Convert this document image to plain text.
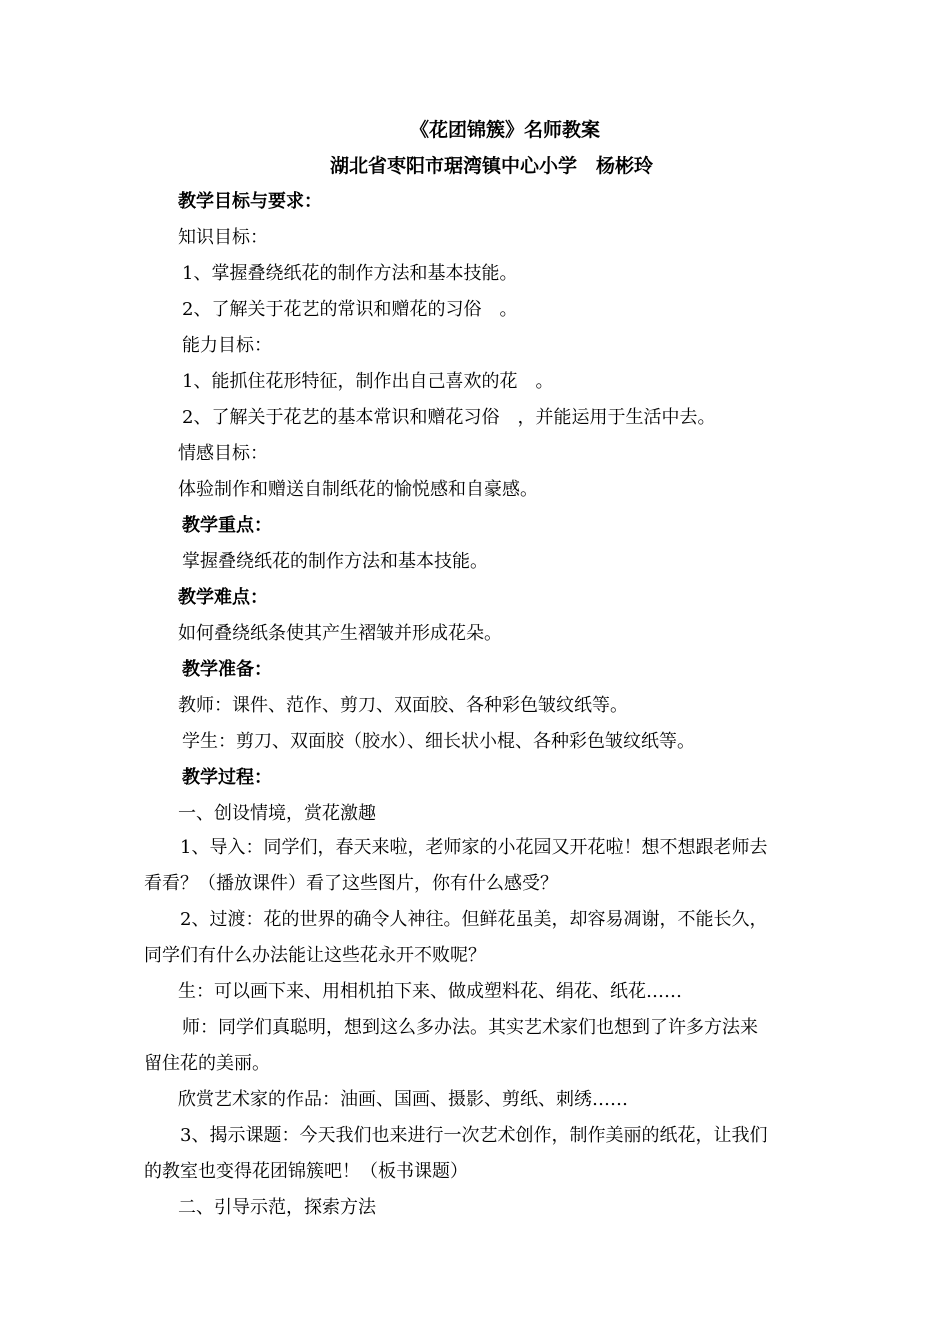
《花团锦簇》名师教案
湖北省枣阳市琚湾镇中心小学　杨彬玲
教学目标与要求：
知识目标：
1、掌握叠绕纸花的制作方法和基本技能。
2、了解关于花艺的常识和赠花的习俗　。
能力目标：
1、能抓住花形特征，制作出自己喜欢的花　。
2、了解关于花艺的基本常识和赠花习俗　，并能运用于生活中去。
情感目标：
体验制作和赠送自制纸花的愉悦感和自豪感。
教学重点：
掌握叠绕纸花的制作方法和基本技能。
教学难点：
如何叠绕纸条使其产生褶皱并形成花朵。
教学准备：
教师：课件、范作、剪刀、双面胶、各种彩色皱纹纸等。
学生：剪刀、双面胶（胶水）、细长状小棍、各种彩色皱纹纸等。
教学过程：
一、创设情境，赏花激趣
1、导入：同学们，春天来啦，老师家的小花园又开花啦！想不想跟老师去
看看？（播放课件）看了这些图片，你有什么感受？
2、过渡：花的世界的确令人神往。但鲜花虽美，却容易凋谢，不能长久，
同学们有什么办法能让这些花永开不败呢？
生：可以画下来、用相机拍下来、做成塑料花、绢花、纸花……
师：同学们真聪明，想到这么多办法。其实艺术家们也想到了许多方法来
留住花的美丽。
欣赏艺术家的作品：油画、国画、摄影、剪纸、刺绣……
3、揭示课题：今天我们也来进行一次艺术创作，制作美丽的纸花，让我们
的教室也变得花团锦簇吧！（板书课题）
二、引导示范，探索方法
